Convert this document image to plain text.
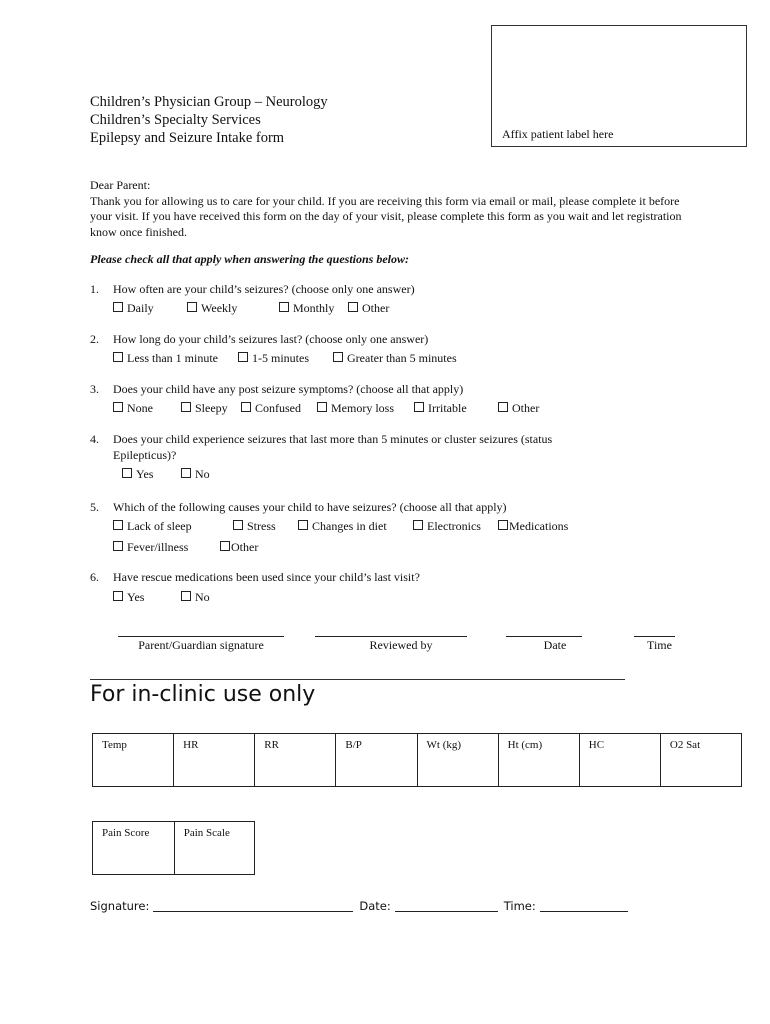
Children’s Physician Group – Neurology
Children’s Specialty Services
Epilepsy and Seizure Intake form	Affix patient label here

Dear Parent:

Thank you for allowing us to care for your child. If you are receiving this form via email or mail, please complete it before your visit. If you have received this form on the day of your visit, please complete this form as you wait and let registration know once finished.

Please check all that apply when answering the questions below:
1. How often are your child’s seizures? (choose only one answer)
Daily	Weekly	Monthly	Other
2. How long do your child’s seizures last? (choose only one answer)
Less than 1 minute	1-5 minutes	Greater than 5 minutes
3. Does your child have any post seizure symptoms? (choose all that apply)
None	Sleepy	Confused	Memory loss	Irritable	Other
4. Does your child experience seizures that last more than 5 minutes or cluster seizures (status
Epilepticus)?
Yes	No
5. Which of the following causes your child to have seizures? (choose all that apply)
Lack of sleep	Stress	Changes in diet	Electronics	Medications
Fever/illness	Other
6. Have rescue medications been used since your child’s last visit?
Yes	No
Parent/Guardian signature	Reviewed by	Date	Time
For in-clinic use only
Temp	HR	RR	B/P	Wt (kg)	Ht (cm)	HC	O2 Sat
Pain Score	Pain Scale
Signature:	Date:	Time:
